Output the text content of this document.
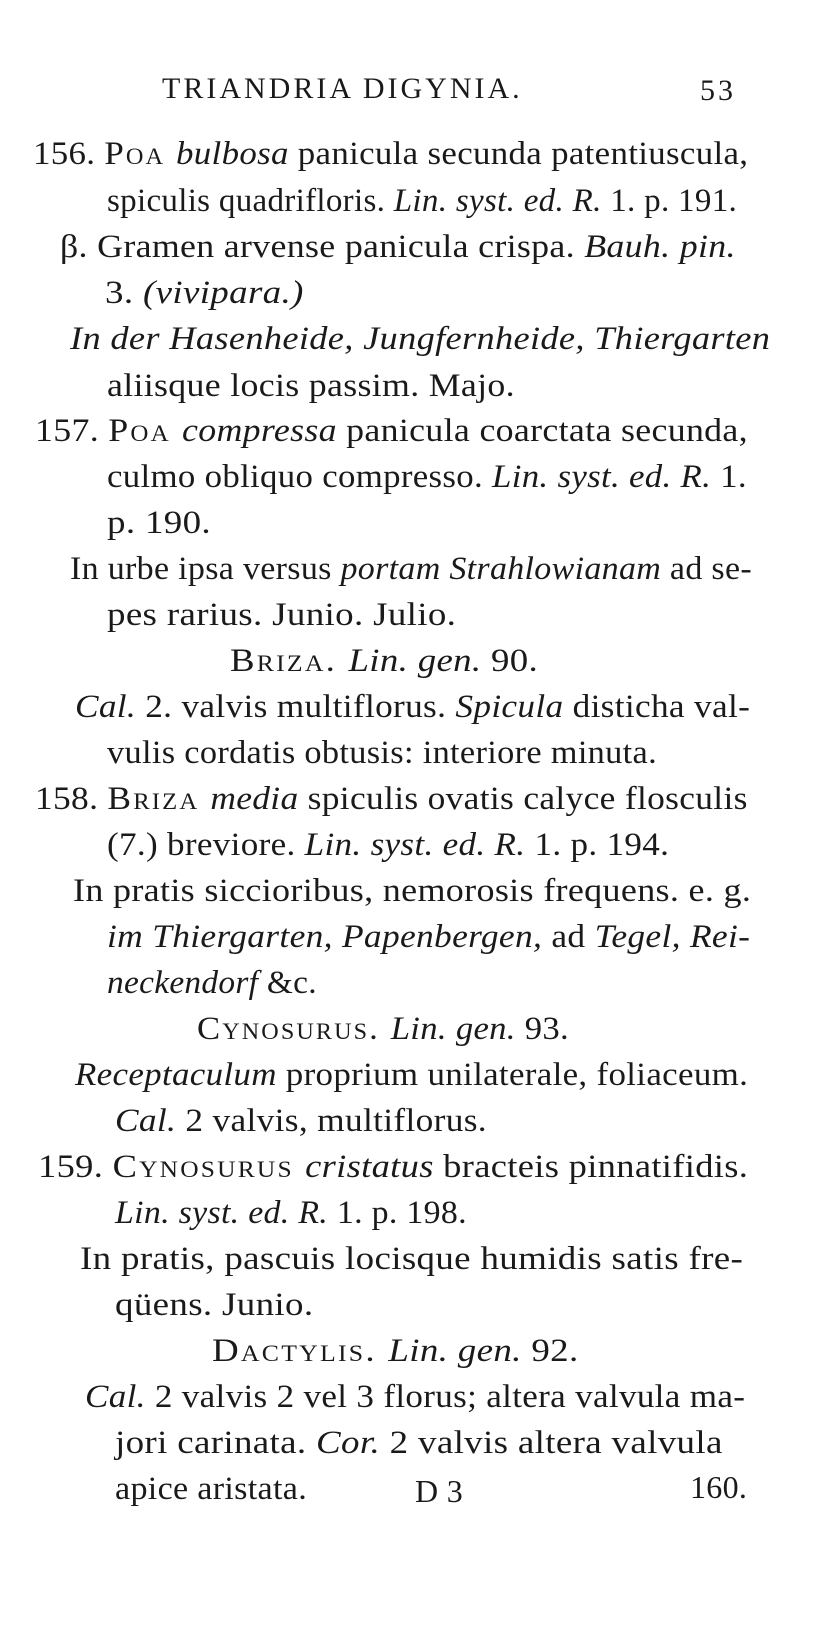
TRIANDRIA DIGYNIA.	53
156. Poa bulbosa panicula secunda patentiuscula,
spiculis quadrifloris. Lin. syst. ed. R. 1. p. 191.
β. Gramen arvense panicula crispa. Bauh. pin.
3. (vivipara.)
In der Hasenheide, Jungfernheide, Thiergarten
aliisque locis passim. Majo.
157. Poa compressa panicula coarctata secunda,
culmo obliquo compresso. Lin. syst. ed. R. 1.
p. 190.
In urbe ipsa versus portam Strahlowianam ad se-
pes rarius. Junio. Julio.
Briza. Lin. gen. 90.
Cal. 2. valvis multiflorus. Spicula disticha val-
vulis cordatis obtusis: interiore minuta.
158. Briza media spiculis ovatis calyce flosculis
(7.) breviore. Lin. syst. ed. R. 1. p. 194.
In pratis siccioribus, nemorosis frequens. e. g.
im Thiergarten, Papenbergen, ad Tegel, Rei-
neckendorf &c.
Cynosurus. Lin. gen. 93.
Receptaculum proprium unilaterale, foliaceum.
Cal. 2 valvis, multiflorus.
159. Cynosurus cristatus bracteis pinnatifidis.
Lin. syst. ed. R. 1. p. 198.
In pratis, pascuis locisque humidis satis fre-
qüens. Junio.
Dactylis. Lin. gen. 92.
Cal. 2 valvis 2 vel 3 florus; altera valvula ma-
jori carinata. Cor. 2 valvis altera valvula
apice aristata.	D 3	160.
